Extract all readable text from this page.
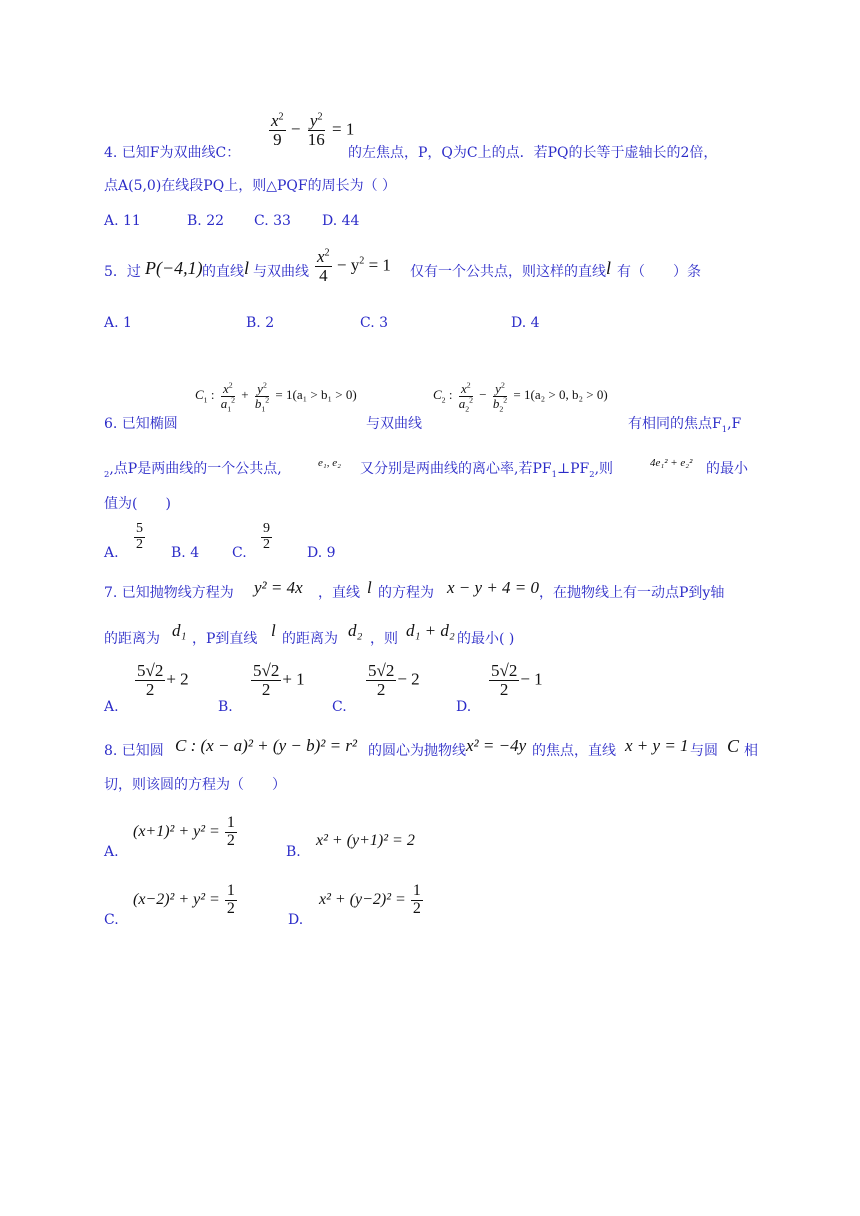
$\frac{x^2}{9} - \frac{y^2}{16} = 1$
4. 已知F为双曲线C：	的左焦点，P，Q为C上的点．若PQ的长等于虚轴长的2倍，
点A(5,0)在线段PQ上，则△PQF的周长为（ ）
A. 11	B. 22 C. 33 D. 44
5．过 P(−4,1) 的直线 l 与双曲线 $\frac{x^2}{4} - y^2 = 1$ 仅有一个公共点，则这样的直线 l 有（　　）条
A. 1	B. 2	C. 3	D. 4
6. 已知椭圆
$C_1$ : $\frac{x^2}{a_1^2} + \frac{y^2}{b_1^2} = 1(a_1 > b_1 > 0)$
与双曲线
$C_2$ : $\frac{x^2}{a_2^2} - \frac{y^2}{b_2^2} = 1(a_2 > 0$, b₂ > 0)
有相同的焦点$F_1,F$
$_2$,点P是两曲线的一个公共点,	e₁, e₂ 又分别是两曲线的离心率,若$PF_1\perp PF_2$,则	4e₁² + e₂² 的最小
值为(　　)
A.
$\frac{5}{2}$
B. 4 C.
$\frac{9}{2}$
D. 9
7. 已知抛物线方程为 y² = 4x ，直线 l 的方程为 x − y + 4 = 0 ，在抛物线上有一动点P到y轴
的距离为 d₁ ，P到直线 l 的距离为 d₂ ，则 d₁ + d₂ 的最小( )
A.
$\frac{5√2}{2} + 2$
B.
$\frac{5√2}{2} + 1$
C.
$\frac{5√2}{2} - 2$
D.
$\frac{5√2}{2} - 1$
8. 已知圆 C : (x − a)² + (y − b)² = r² 的圆心为抛物线 x² = −4y 的焦点，直线 x + y = 1 与圆 C 相
切，则该圆的方程为（　　）
A.
$(x+1)^2 + y^2 = \frac{1}{2}$
B.
x² + (y+1)² = 2
C.
$(x-2)^2 + y^2 = \frac{1}{2}$
D.
$x^2 + (y-2)^2 = \frac{1}{2}$
